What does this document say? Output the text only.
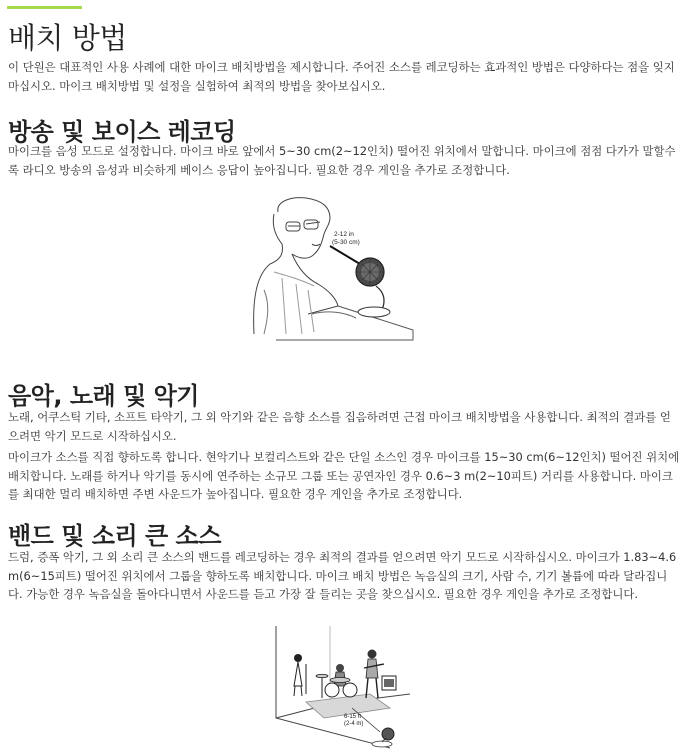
배치 방법

이 단원은 대표적인 사용 사례에 대한 마이크 배치방법을 제시합니다. 주어진 소스를 레코딩하는 효과적인 방법은 다양하다는 점을 잊지 마십시오. 마이크 배치방법 및 설정을 실험하여 최적의 방법을 찾아보십시오.

방송 및 보이스 레코딩

마이크를 음성 모드로 설정합니다. 마이크 바로 앞에서 5~30 cm(2~12인치) 떨어진 위치에서 말합니다. 마이크에 점점 다가가 말할수록 라디오 방송의 음성과 비슷하게 베이스 응답이 높아집니다. 필요한 경우 게인을 추가로 조정합니다.

2-12 in
(5-30 cm)
음악, 노래 및 악기

노래, 어쿠스틱 기타, 소프트 타악기, 그 외 악기와 같은 음향 소스를 집음하려면 근접 마이크 배치방법을 사용합니다. 최적의 결과를 얻으려면 악기 모드로 시작하십시오.

마이크가 소스를 직접 향하도록 합니다. 현악기나 보컬리스트와 같은 단일 소스인 경우 마이크를 15~30 cm(6~12인치) 떨어진 위치에 배치합니다. 노래를 하거나 악기를 동시에 연주하는 소규모 그룹 또는 공연자인 경우 0.6~3 m(2~10피트) 거리를 사용합니다. 마이크를 최대한 멀리 배치하면 주변 사운드가 높아집니다. 필요한 경우 게인을 추가로 조정합니다.

밴드 및 소리 큰 소스

드럼, 증폭 악기, 그 외 소리 큰 소스의 밴드를 레코딩하는 경우 최적의 결과를 얻으려면 악기 모드로 시작하십시오. 마이크가 1.83~4.6 m(6~15피트) 떨어진 위치에서 그룹을 향하도록 배치합니다. 마이크 배치 방법은 녹음실의 크기, 사람 수, 기기 볼륨에 따라 달라집니다. 가능한 경우 녹음실을 돌아다니면서 사운드를 듣고 가장 잘 들리는 곳을 찾으십시오. 필요한 경우 게인을 추가로 조정합니다.

6-15 ft
(2-4 m)
